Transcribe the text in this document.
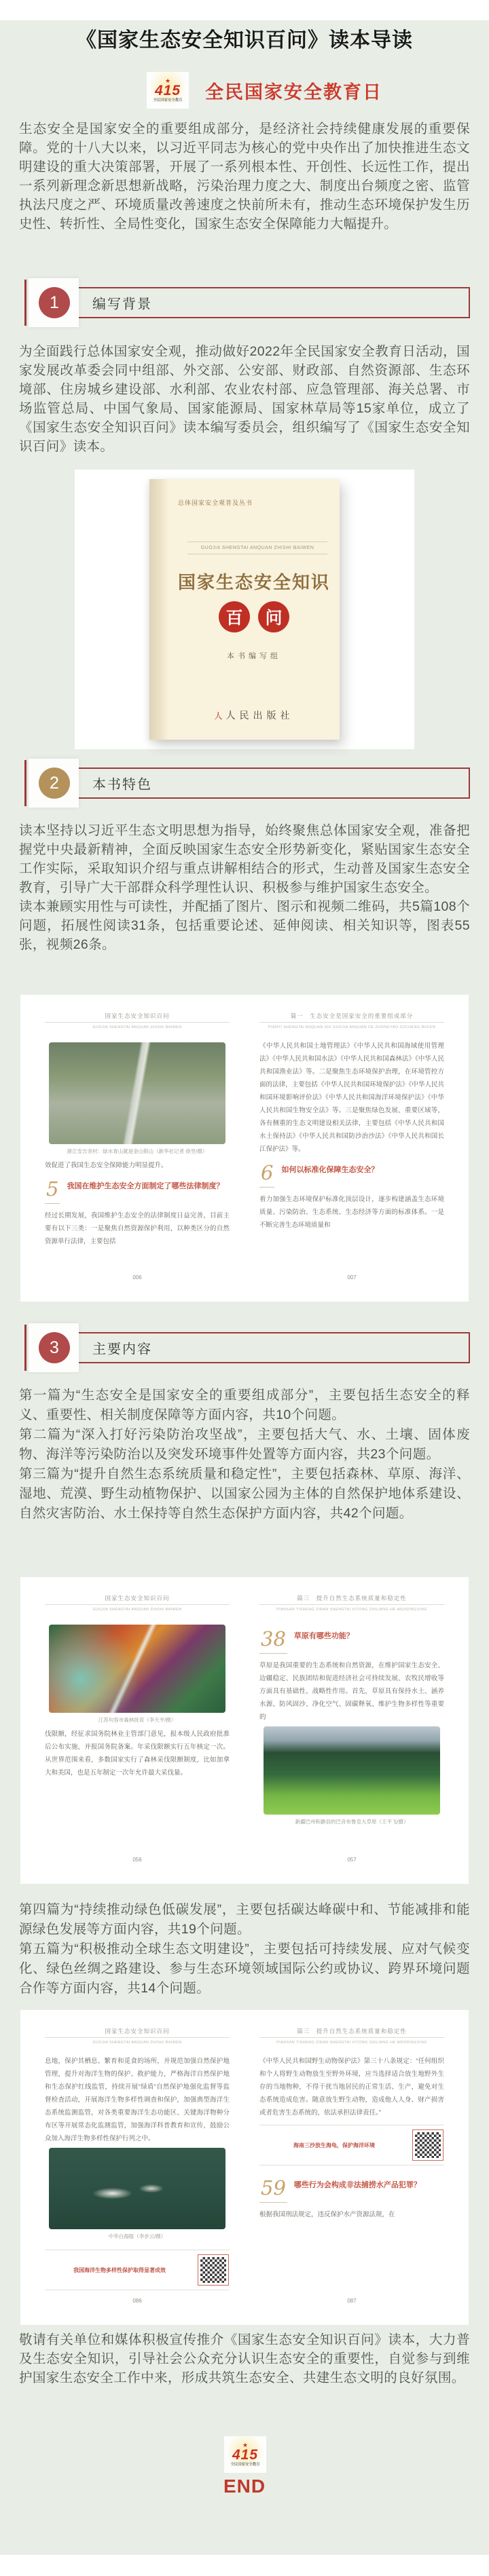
《国家生态安全知识百问》读本导读
★
415
全民国家安全教育 全民国家安全教育日
生态安全是国家安全的重要组成部分，是经济社会持续健康发展的重要保障。党的十八大以来，以习近平同志为核心的党中央作出了加快推进生态文明建设的重大决策部署，开展了一系列根本性、开创性、长远性工作，提出一系列新理念新思想新战略，污染治理力度之大、制度出台频度之密、监管执法尺度之严、环境质量改善速度之快前所未有，推动生态环境保护发生历史性、转折性、全局性变化，国家生态安全保障能力大幅提升。
1	编写背景
为全面践行总体国家安全观，推动做好2022年全民国家安全教育日活动，国家发展改革委会同中组部、外交部、公安部、财政部、自然资源部、生态环境部、住房城乡建设部、水利部、农业农村部、应急管理部、海关总署、市场监管总局、中国气象局、国家能源局、国家林草局等15家单位，成立了《国家生态安全知识百问》读本编写委员会，组织编写了《国家生态安全知识百问》读本。
总体国家安全观普及丛书
GUOJIA SHENGTAI ANQUAN ZHISHI BAIWEN
国家生态安全知识
百	问
本书编写组
人 人民出版社
2	本书特色

读本坚持以习近平生态文明思想为指导，始终聚焦总体国家安全观，准备把握党中央最新精神，全面反映国家生态安全形势新变化，紧贴国家生态安全工作实际，采取知识介绍与重点讲解相结合的形式，生动普及国家生态安全教育，引导广大干部群众科学理性认识、积极参与维护国家生态安全。

读本兼顾实用性与可读性，并配插了图片、图示和视频二维码，共5篇108个问题，拓展性阅读31条，包括重要论述、延伸阅读、相关知识等，图表55张，视频26条。

国家生态安全知识百问
GUOJIA SHENGTAI ANQUAN ZHISHI BAIWEN
浙江安吉余村：绿水青山就是金山银山（新华社记者 徐昱/摄）
效促进了我国生态安全保障能力明显提升。
5 我国在维护生态安全方面制定了哪些法律制度？
经过长期发展，我国维护生态安全的法律制度日益完善，目前主要有以下三类：一是聚焦自然资源保护利用，以种类区分的自然资源单行法律，主要包括
006
篇一　生态安全是国家安全的重要组成部分
PIANYI SHENGTAI ANQUAN SHI GUOJIA ANQUAN DE ZHONGYAO ZUCHENG BUFEN
《中华人民共和国土地管理法》《中华人民共和国海域使用管理法》《中华人民共和国水法》《中华人民共和国森林法》《中华人民共和国渔业法》等。二是聚焦生态环境保护治理，在环境管控方面的法律，主要包括《中华人民共和国环境保护法》《中华人民共和国环境影响评价法》《中华人民共和国海洋环境保护法》《中华人民共和国生物安全法》等。三是聚焦绿色发展、重要区域等，各有侧重的生态文明建设相关法律，主要包括《中华人民共和国水土保持法》《中华人民共和国防沙治沙法》《中华人民共和国长江保护法》等。
6 如何以标准化保障生态安全？
着力加强生态环境保护标准化顶层设计，逐步构建涵盖生态环境质量、污染防治、生态系统、生态经济等方面的标准体系。一是不断完善生态环境质量和
007
3	主要内容

第一篇为“生态安全是国家安全的重要组成部分”，主要包括生态安全的释义、重要性、相关制度保障等方面内容，共10个问题。

第二篇为“深入打好污染防治攻坚战”，主要包括大气、水、土壤、固体废物、海洋等污染防治以及突发环境事件处置等方面内容，共23个问题。

第三篇为“提升自然生态系统质量和稳定性”，主要包括森林、草原、海洋、湿地、荒漠、野生动植物保护、以国家公园为主体的自然保护地体系建设、自然灾害防治、水土保持等自然生态保护方面内容，共42个问题。

国家生态安全知识百问
GUOJIA SHENGTAI ANQUAN ZHISHI BAIWEN
江苏句容市森林抚育（李天平/摄）
伐限额，经征求国务院林业主管部门意见，报本级人民政府批准后公布实施，并报国务院备案。年采伐限额实行五年核定一次。从世界范围来看，多数国家实行了森林采伐限额制度，比如加拿大和美国，也是五年制定一次年允许最大采伐量。
056
篇三　提升自然生态系统质量和稳定性
PIANSAN TISHENG ZIRAN SHENGTAI XITONG ZHILIANG HE WENDINGXING
38 草原有哪些功能？
草原是我国重要的生态系统和自然资源，在维护国家生态安全、边疆稳定、民族团结和促进经济社会可持续发展、农牧民增收等方面具有基础性、战略性作用。首先，草原具有保持水土、涵养水源、防风固沙、净化空气、固碳释氧、维护生物多样性等重要的
新疆巴州和静县的巴音布鲁克大草原（王平飞/摄）
057

第四篇为“持续推动绿色低碳发展”，主要包括碳达峰碳中和、节能减排和能源绿色发展等方面内容，共19个问题。

第五篇为“积极推动全球生态文明建设”，主要包括可持续发展、应对气候变化、绿色丝绸之路建设、参与生态环境领域国际公约或协议、跨界环境问题合作等方面内容，共14个问题。

国家生态安全知识百问
GUOJIA SHENGTAI ANQUAN ZHISHI BAIWEN
息地，保护其栖息、繁育和觅食的场所，并规范加强自然保护地管理，提升对海洋生物的保护、救护能力，严格海洋自然保护地和生态保护红线监管，持续开展“绿盾”自然保护地强化监督等监督检查活动，开展海洋生物多样性调查和保护，加强典型海洋生态系统监测监管，对各类重要海洋生态功能区、关键海洋物种分布区等开展常态化监测监管，加强海洋科普教育和宣传，鼓励公众加入海洋生物多样性保护行列之中。
中华白海豚（李步云/摄）
我国海洋生物多样性保护取得显著成效
086
篇三　提升自然生态系统质量和稳定性
PIANSAN TISHENG ZIRAN SHENGTAI XITONG ZHILIANG HE WENDINGXING
《中华人民共和国野生动物保护法》第三十八条规定：“任何组织和个人将野生动物放生至野外环境，应当选择适合放生地野外生存的当地物种，不得干扰当地居民的正常生活、生产，避免对生态系统造成危害。随意放生野生动物，造成他人人身、财产损害或者危害生态系统的，依法承担法律责任。”
海南三沙放生海龟，保护海洋环境
59 哪些行为会构成非法捕捞水产品犯罪？
根据我国刑法规定，违反保护水产资源法规，在
087
敬请有关单位和媒体积极宣传推介《国家生态安全知识百问》读本，大力普及生态安全知识，引导社会公众充分认识生态安全的重要性，自觉参与到维护国家生态安全工作中来，形成共筑生态安全、共建生态文明的良好氛围。
★
415
全民国家安全教育
END
